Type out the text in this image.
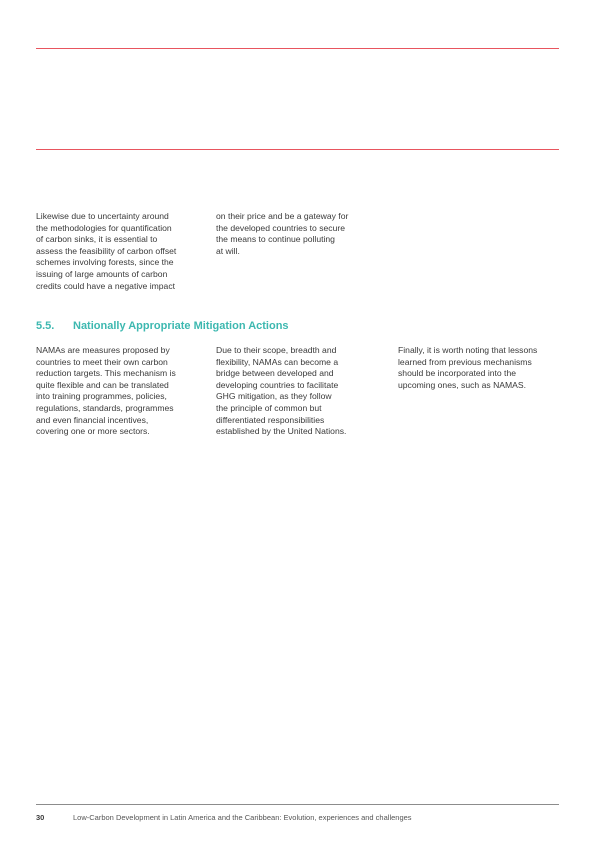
Likewise due to uncertainty around
the methodologies for quantification
of carbon sinks, it is essential to
assess the feasibility of carbon offset
schemes involving forests, since the
issuing of large amounts of carbon
credits could have a negative impact
on their price and be a gateway for
the developed countries to secure
the means to continue polluting
at will.
5.5. Nationally Appropriate Mitigation Actions
NAMAs are measures proposed by
countries to meet their own carbon
reduction targets. This mechanism is
quite flexible and can be translated
into training programmes, policies,
regulations, standards, programmes
and even financial incentives,
covering one or more sectors.
Due to their scope, breadth and
flexibility, NAMAs can become a
bridge between developed and
developing countries to facilitate
GHG mitigation, as they follow
the principle of common but
differentiated responsibilities
established by the United Nations.
Finally, it is worth noting that lessons
learned from previous mechanisms
should be incorporated into the
upcoming ones, such as NAMAS.
30	Low-Carbon Development in Latin America and the Caribbean: Evolution, experiences and challenges
